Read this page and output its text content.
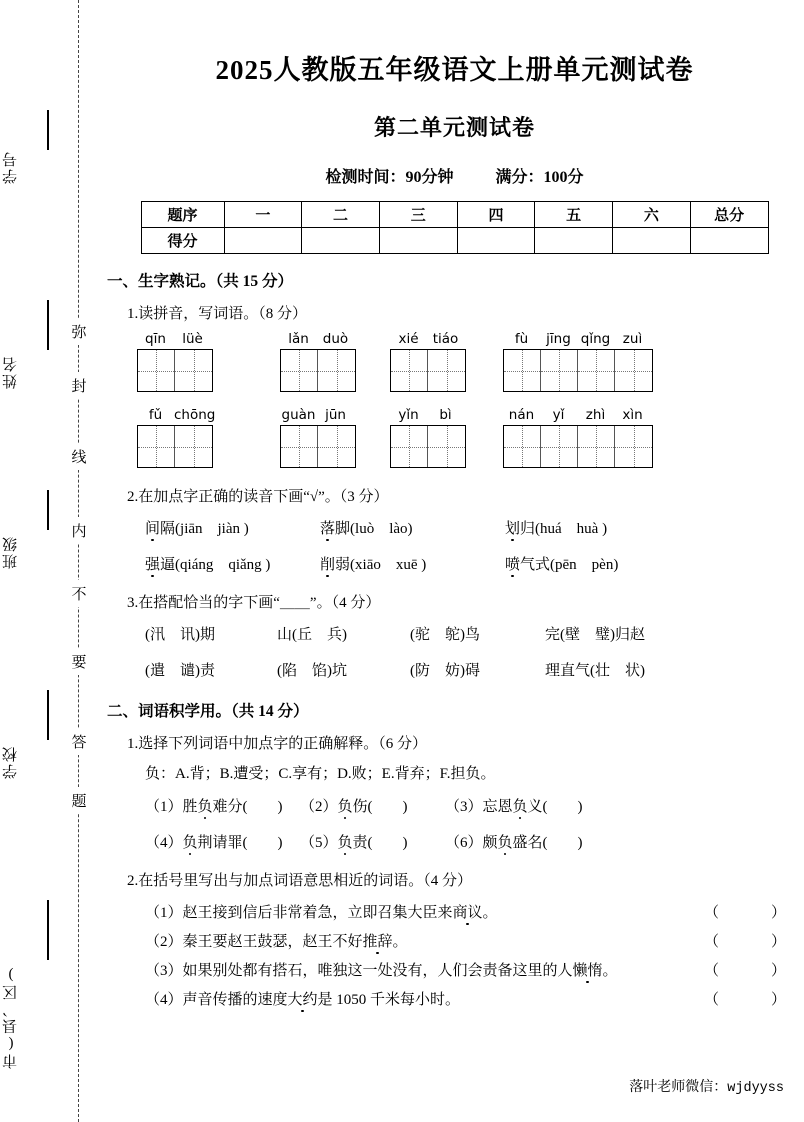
学号
姓名
班级
学校
市(县、区)
弥
封
线
内
不
要
答
题
2025人教版五年级语文上册单元测试卷
第二单元测试卷
检测时间：90分钟	满分：100分
题序	一	二	三	四	五	六	总分
得分							
一、生字熟记。（共 15 分）
1.读拼音，写词语。（8 分）
qīn	lüè	lǎn	duò	xié	tiáo	fù	jīng qǐng zuì
fǔ chōng	guàn jūn	yǐn	bì	nán	yǐ	zhì	xìn
2.在加点字正确的读音下画“√”。（3 分）
间隔(jiān　jiàn )	落脚(luò　lào)	划归(huá　huà )
强逼(qiáng　qiǎng )	削弱(xiāo　xuē )	喷气式(pēn　pèn)
3.在搭配恰当的字下画“＿＿”。（4 分）
(汛　讯)期	山(丘　兵)	(驼　鸵)鸟	完(壁　璧)归赵
(遣　谴)责	(陷　馅)坑	(防　妨)碍	理直气(壮　状)
二、词语积学用。（共 14 分）
1.选择下列词语中加点字的正确解释。（6 分）
负：A.背；B.遭受；C.享有；D.败；E.背弃；F.担负。
（1）胜负难分(　　) （2）负伤(　　) （3）忘恩负义(　　)
（4）负荆请罪(　　) （5）负责(　　) （6）颇负盛名(　　)
2.在括号里写出与加点词语意思相近的词语。（4 分）
（1）赵王接到信后非常着急，立即召集大臣来商议。	（	）
（2）秦王要赵王鼓瑟，赵王不好推辞。	（	）
（3）如果别处都有搭石，唯独这一处没有，人们会责备这里的人懒惰。	（	）
（4）声音传播的速度大约是 1050 千米每小时。	（	）
落叶老师微信：wjdyyss
